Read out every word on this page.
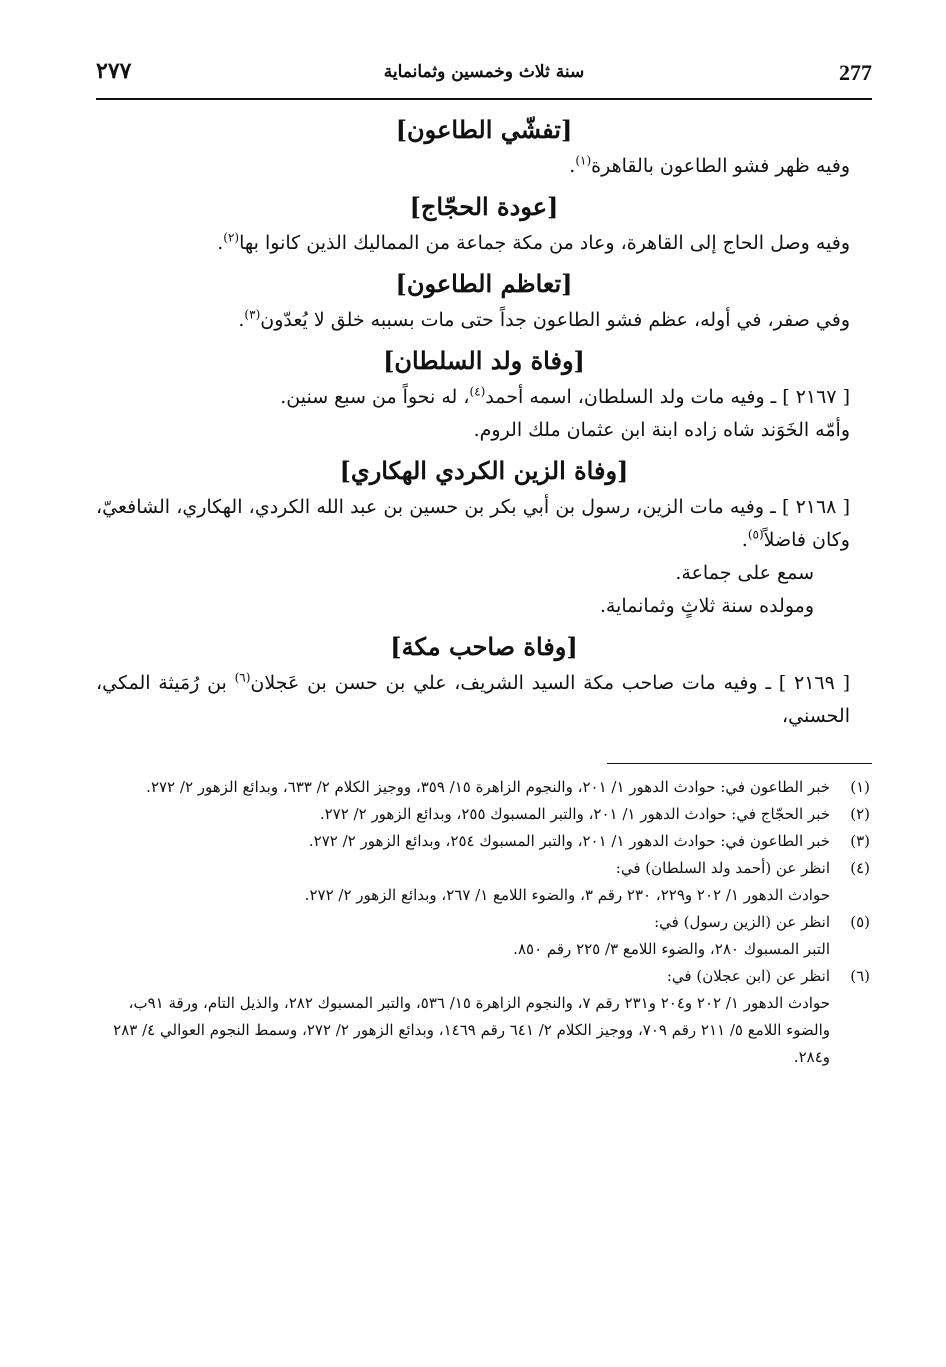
277
سنة ثلاث وخمسين وثمانماية
٢٧٧
[تفشّي الطاعون]

وفيه ظهر فشو الطاعون بالقاهرة$^{(١)}$.

[عودة الحجّاج]

وفيه وصل الحاج إلى القاهرة، وعاد من مكة جماعة من المماليك الذين كانوا بها$^{(٢)}$.

[تعاظم الطاعون]

وفي صفر، في أوله، عظم فشو الطاعون جداً حتى مات بسببه خلق لا يُعدّون$^{(٣)}$.

[وفاة ولد السلطان]

[ ٢١٦٧ ] ـ وفيه مات ولد السلطان، اسمه أحمد$^{(٤)}$، له نحواً من سبع سنين.

وأمّه الخَوَند شاه زاده ابنة ابن عثمان ملك الروم.

[وفاة الزين الكردي الهكاري]

[ ٢١٦٨ ] ـ وفيه مات الزين، رسول بن أبي بكر بن حسين بن عبد الله الكردي، الهكاري، الشافعيّ، وكان فاضلاً$^{(٥)}$.

سمع على جماعة.

ومولده سنة ثلاثٍ وثمانماية.

[وفاة صاحب مكة]

[ ٢١٦٩ ] ـ وفيه مات صاحب مكة السيد الشريف، علي بن حسن بن عَجلان$^{(٦)}$ بن رُمَيثة المكي، الحسني،

(١)
خبر الطاعون في: حوادث الدهور ١/ ٢٠١، والنجوم الزاهرة ١٥/ ٣٥٩، ووجيز الكلام ٢/ ٦٣٣، وبدائع الزهور ٢/ ٢٧٢.
(٢)
خبر الحجّاج في: حوادث الدهور ١/ ٢٠١، والتبر المسبوك ٢٥٥، وبدائع الزهور ٢/ ٢٧٢.
(٣)
خبر الطاعون في: حوادث الدهور ١/ ٢٠١، والتبر المسبوك ٢٥٤، وبدائع الزهور ٢/ ٢٧٢.
(٤)
انظر عن (أحمد ولد السلطان) في:
حوادث الدهور ١/ ٢٠٢ و٢٢٩، ٢٣٠ رقم ٣، والضوء اللامع ١/ ٢٦٧، وبدائع الزهور ٢/ ٢٧٢.
(٥)
انظر عن (الزين رسول) في:
التبر المسبوك ٢٨٠، والضوء اللامع ٣/ ٢٢٥ رقم ٨٥٠.
(٦)
انظر عن (ابن عجلان) في:
حوادث الدهور ١/ ٢٠٢ و٢٠٤ و٢٣١ رقم ٧، والنجوم الزاهرة ١٥/ ٥٣٦، والتبر المسبوك ٢٨٢، والذيل التام، ورقة ٩١ب، والضوء اللامع ٥/ ٢١١ رقم ٧٠٩، ووجيز الكلام ٢/ ٦٤١ رقم ١٤٦٩، وبدائع الزهور ٢/ ٢٧٢، وسمط النجوم العوالي ٤/ ٢٨٣ و٢٨٤.
